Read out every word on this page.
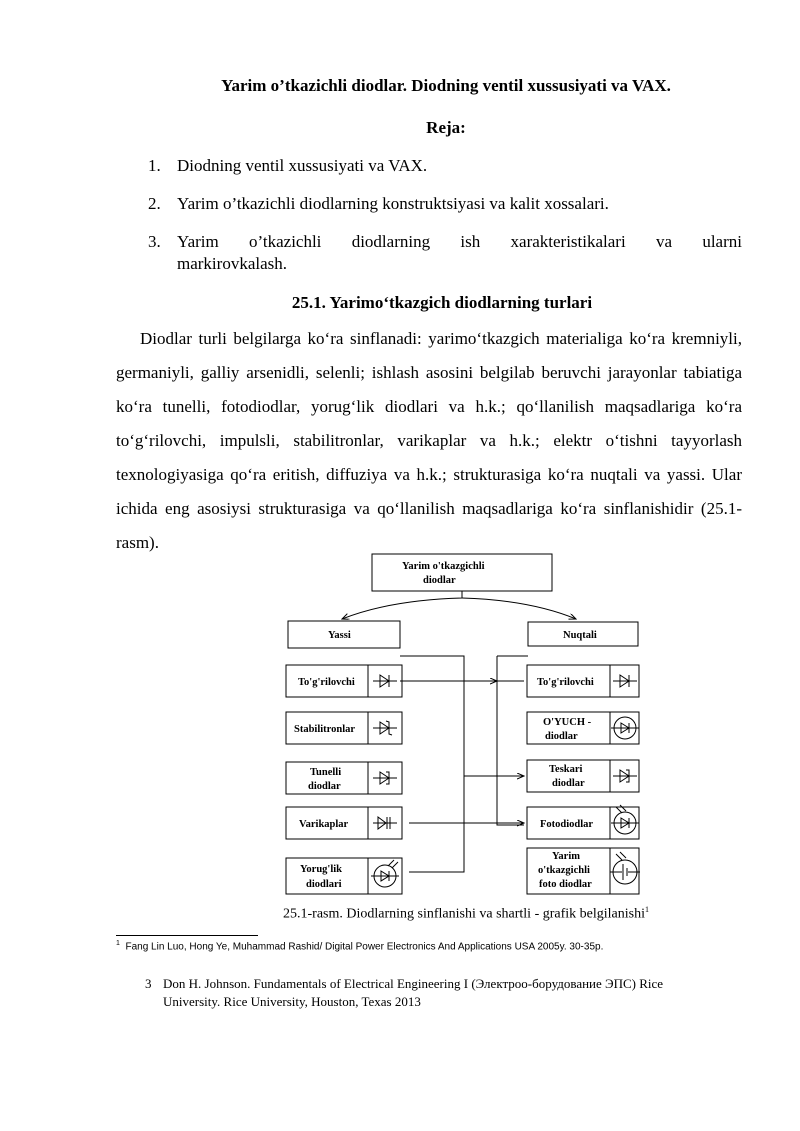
Yarim o’tkazichli diodlar. Diodning ventil xussusiyati va VAX.
Reja:
1. Diodning ventil xussusiyati va VAX.
2. Yarim o’tkazichli diodlarning konstruktsiyasi va kalit xossalari.
3. Yarim o’tkazichli diodlarning ish xarakteristikalari va ularni
markirovkalash.
25.1. Yarimo‘tkazgich diodlarning turlari

Diodlar turli belgilarga ko‘ra sinflanadi: yarimo‘tkazgich materialiga ko‘ra kremniyli, germaniyli, galliy arsenidli, selenli; ishlash asosini belgilab beruvchi jarayonlar tabiatiga ko‘ra tunelli, fotodiodlar, yorug‘lik diodlari va h.k.; qo‘llanilish maqsadlariga ko‘ra to‘g‘rilovchi, impulsli, stabilitronlar, varikaplar va h.k.; elektr o‘tishni tayyorlash texnologiyasiga qo‘ra eritish, diffuziya va h.k.; strukturasiga ko‘ra nuqtali va yassi. Ular ichida eng asosiysi strukturasiga va qo‘llanilish maqsadlariga ko‘ra sinflanishidir (25.1-rasm).

Yarim o'tkazgichli
diodlar
Yassi	Nuqtali
To'g'rilovchi
Stabilitronlar
Tunelli
diodlar
Varikaplar
Yorug'lik
diodlari
To'g'rilovchi
O'YUCH -
diodlar
Teskari
diodlar
Fotodiodlar
Yarim
o'tkazgichli
foto diodlar
25.1-rasm. Diodlarning sinflanishi va shartli - grafik belgilanishi$^1$
$^1$ Fang Lin Luo, Hong Ye, Muhammad Rashid/ Digital Power Electronics And Applications USA 2005y. 30-35p.
3 Don H. Johnson. Fundamentals of Electrical Engineering I (Электроо-борудование ЭПС) Rice University. Rice University, Houston, Texas 2013
